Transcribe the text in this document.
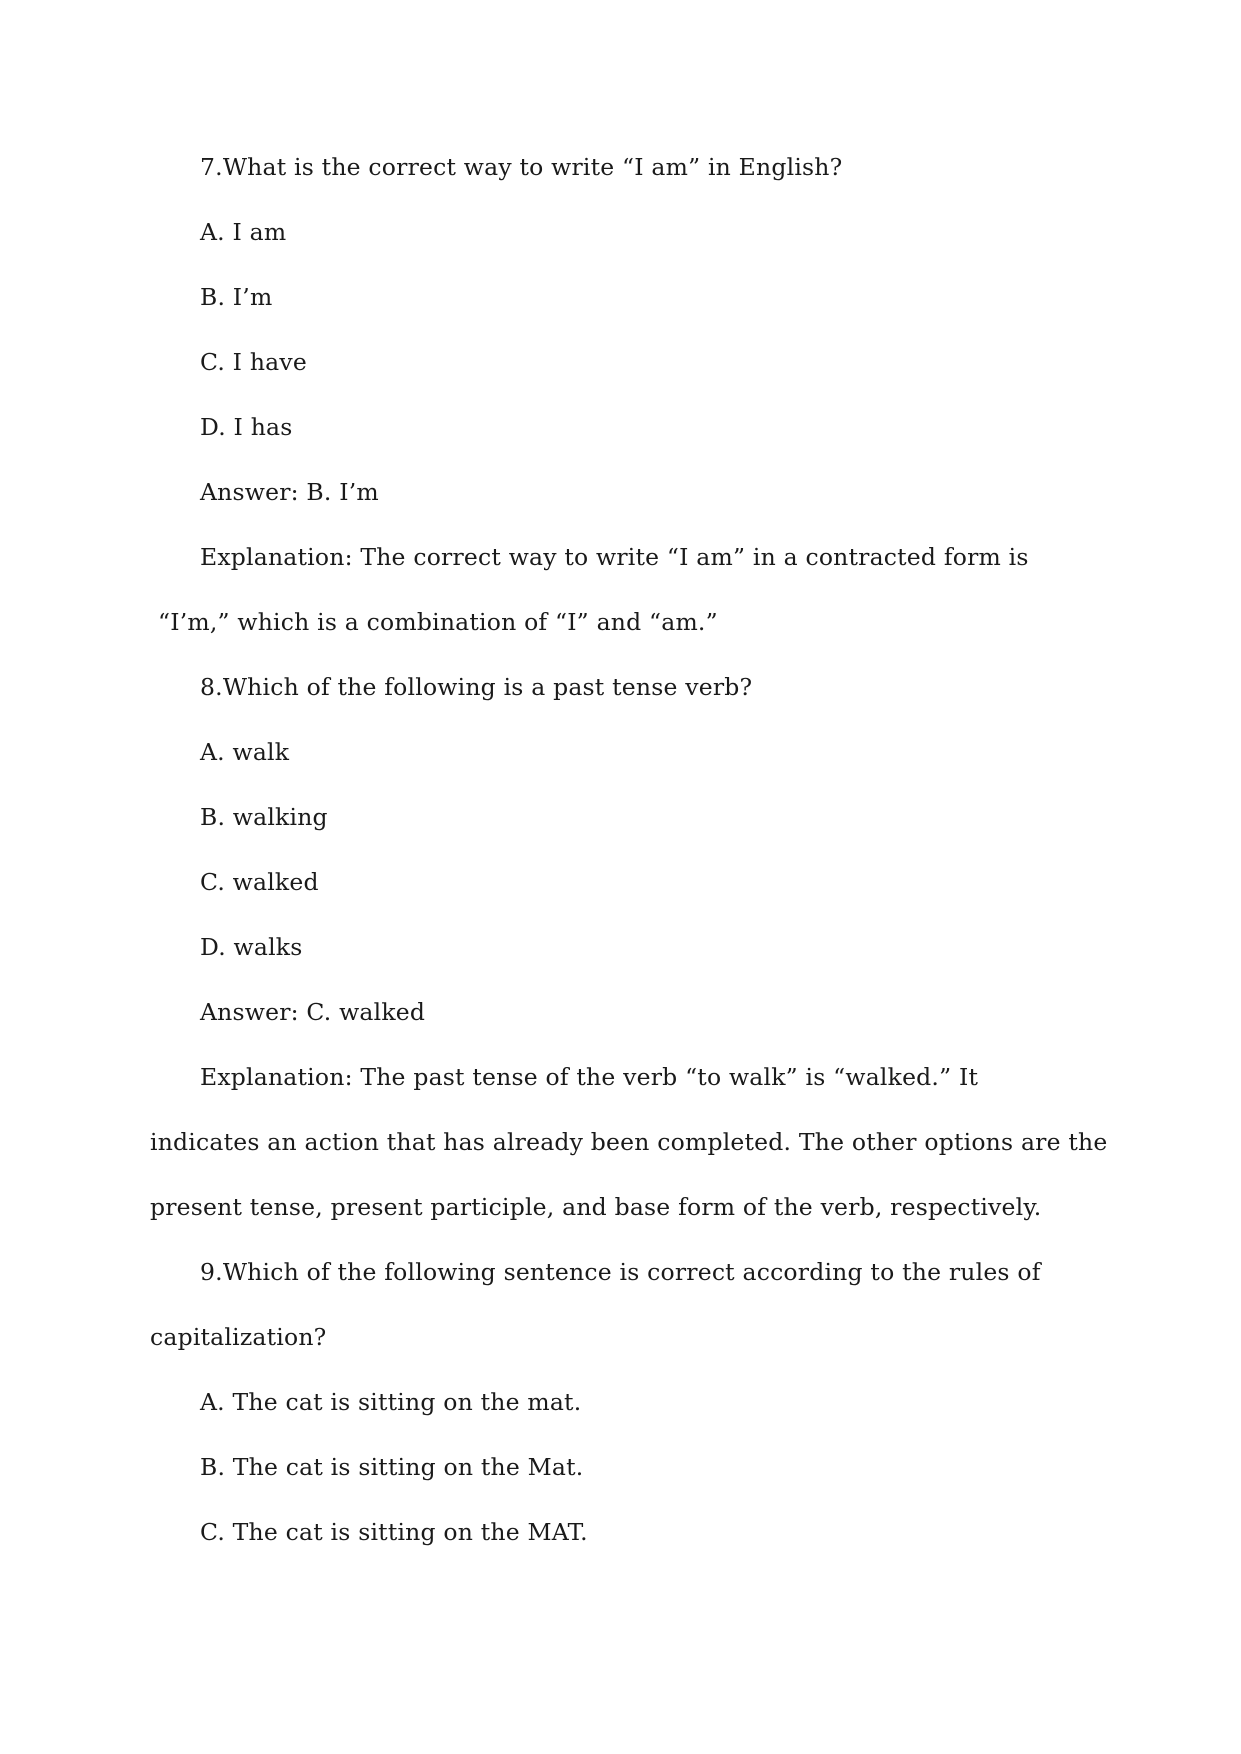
7.What is the correct way to write “I am” in English?

A. I am

B. I’m

C. I have

D. I has

Answer: B. I’m

Explanation: The correct way to write “I am” in a contracted form is

“I’m,” which is a combination of “I” and “am.”

8.Which of the following is a past tense verb?

A. walk

B. walking

C. walked

D. walks

Answer: C. walked

Explanation: The past tense of the verb “to walk” is “walked.” It

indicates an action that has already been completed. The other options are the

present tense, present participle, and base form of the verb, respectively.

9.Which of the following sentence is correct according to the rules of

capitalization?

A. The cat is sitting on the mat.

B. The cat is sitting on the Mat.

C. The cat is sitting on the MAT.
